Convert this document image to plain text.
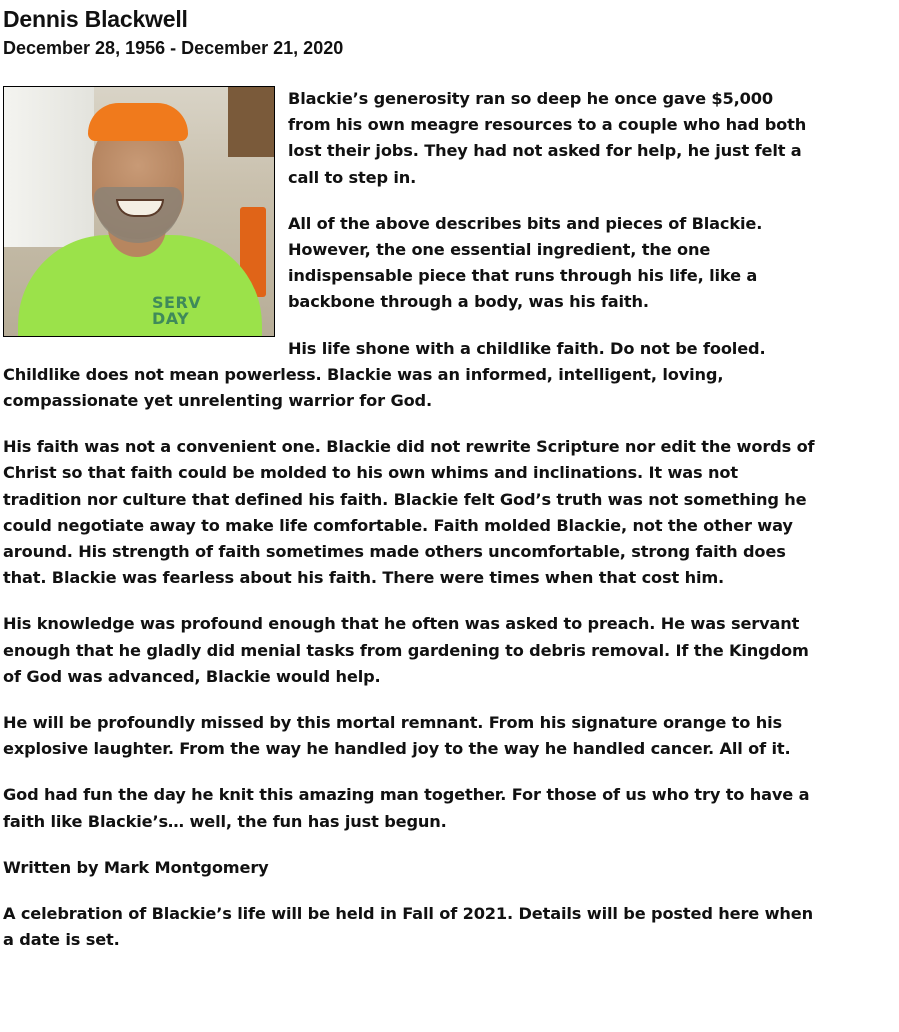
Dennis Blackwell
December 28, 1956 - December 21, 2020
SERV
DAY

Blackie’s generosity ran so deep he once gave $5,000 from his own meagre resources to a couple who had both lost their jobs. They had not asked for help, he just felt a call to step in.

All of the above describes bits and pieces of Blackie. However, the one essential ingredient, the one indispensable piece that runs through his life, like a backbone through a body, was his faith.

His life shone with a childlike faith. Do not be fooled. Childlike does not mean powerless. Blackie was an informed, intelligent, loving, compassionate yet unrelenting warrior for God.

His faith was not a convenient one. Blackie did not rewrite Scripture nor edit the words of Christ so that faith could be molded to his own whims and inclinations. It was not tradition nor culture that defined his faith. Blackie felt God’s truth was not something he could negotiate away to make life comfortable. Faith molded Blackie, not the other way around. His strength of faith sometimes made others uncomfortable, strong faith does that. Blackie was fearless about his faith. There were times when that cost him.

His knowledge was profound enough that he often was asked to preach. He was servant enough that he gladly did menial tasks from gardening to debris removal. If the Kingdom of God was advanced, Blackie would help.

He will be profoundly missed by this mortal remnant. From his signature orange to his explosive laughter. From the way he handled joy to the way he handled cancer. All of it.

God had fun the day he knit this amazing man together. For those of us who try to have a faith like Blackie’s… well, the fun has just begun.

Written by Mark Montgomery

A celebration of Blackie’s life will be held in Fall of 2021. Details will be posted here when a date is set.
